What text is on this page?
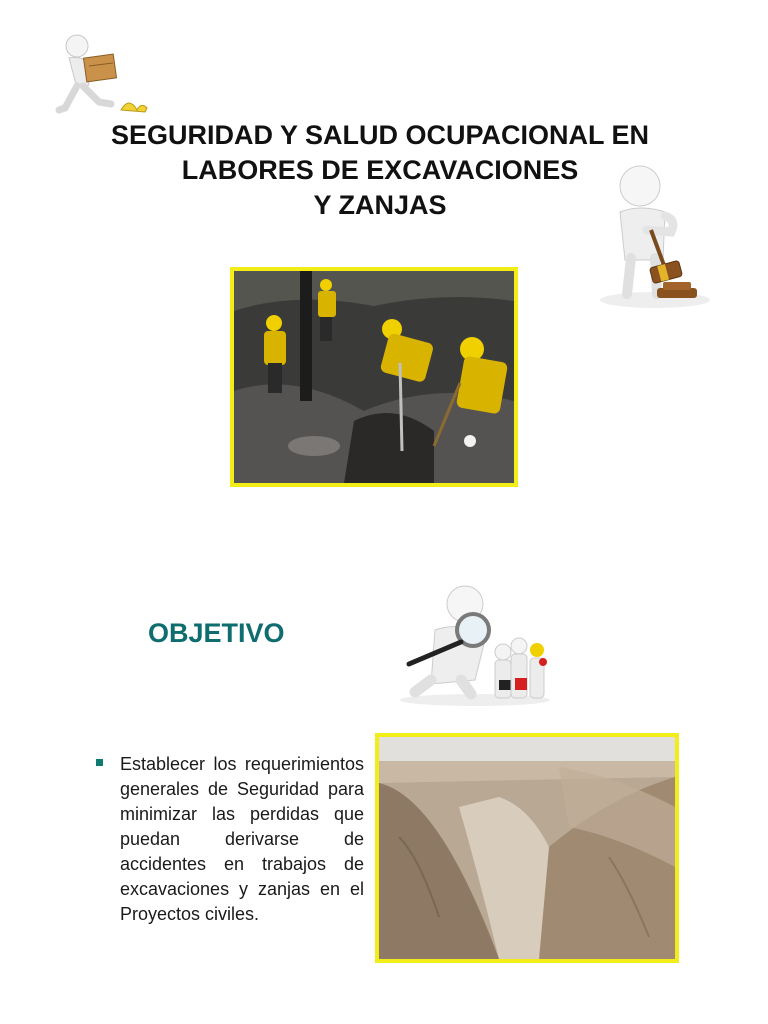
SEGURIDAD Y SALUD OCUPACIONAL EN
LABORES DE EXCAVACIONES
Y ZANJAS
OBJETIVO
Establecer los requerimientos generales de Seguridad para minimizar las perdidas que puedan derivarse de accidentes en trabajos de excavaciones y zanjas en el Proyectos civiles.
